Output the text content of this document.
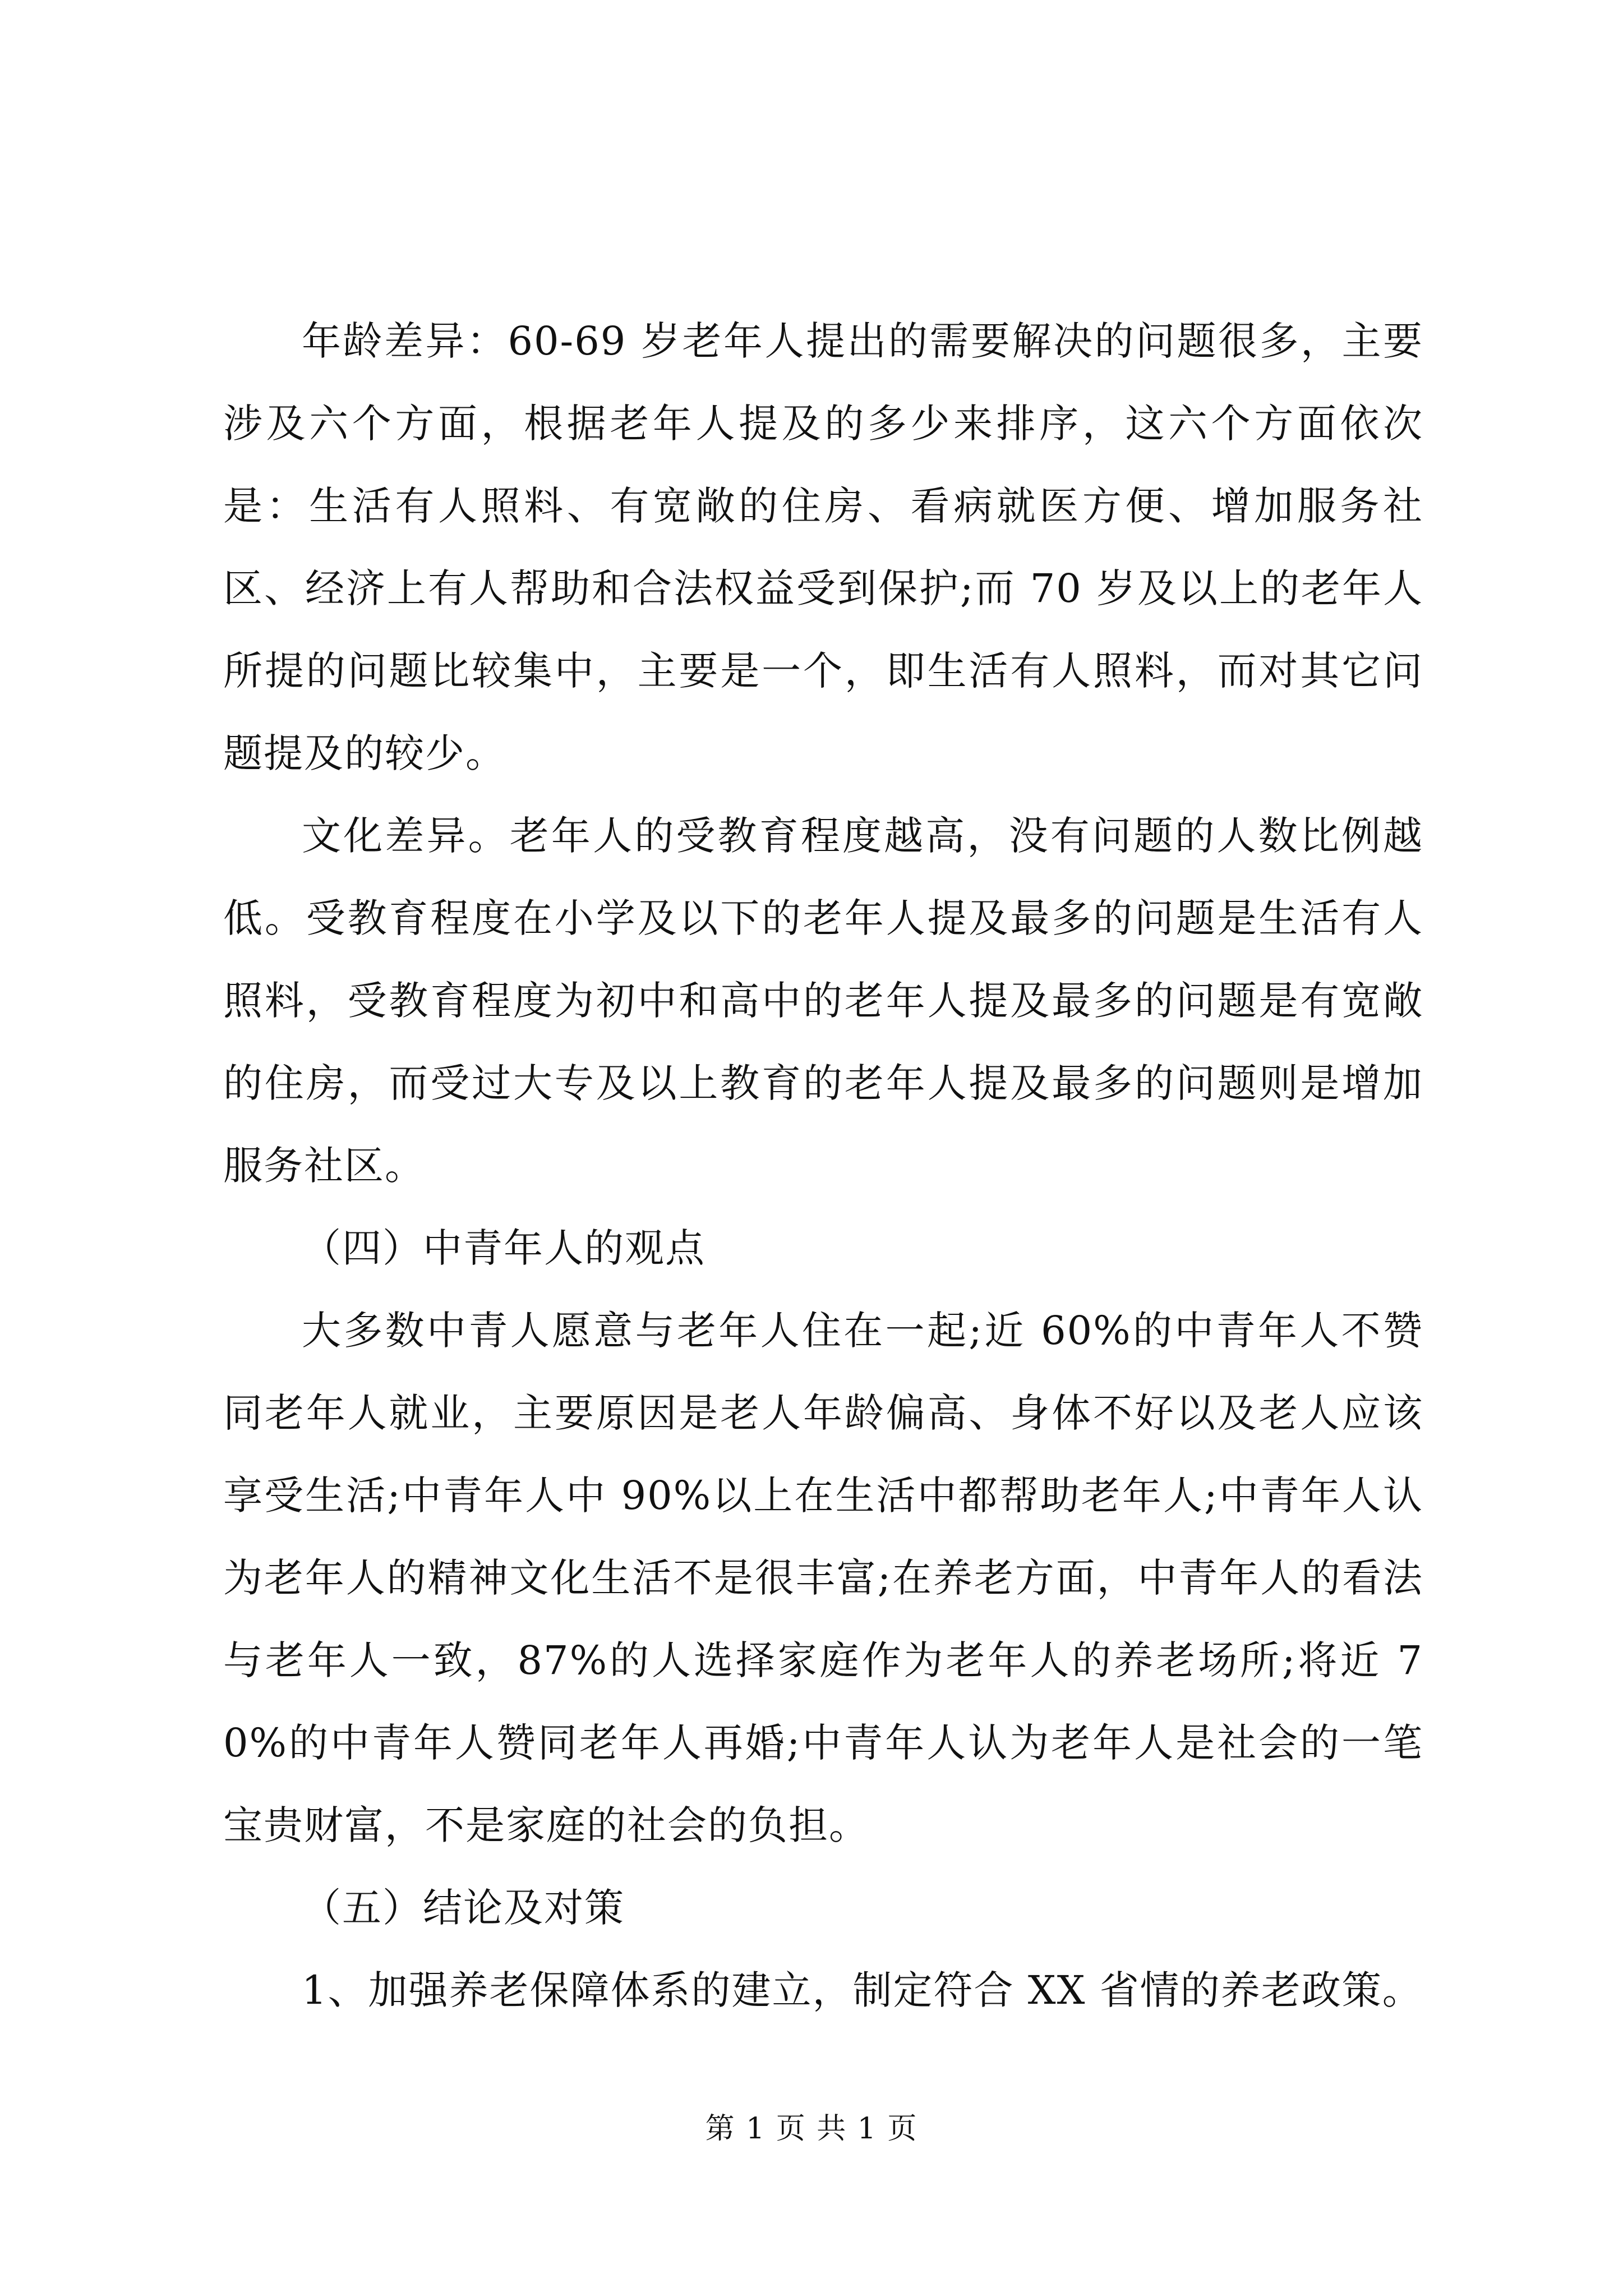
年龄差异：60-69 岁老年人提出的需要解决的问题很多，主要涉及六个方面，根据老年人提及的多少来排序，这六个方面依次是：生活有人照料、有宽敞的住房、看病就医方便、增加服务社区、经济上有人帮助和合法权益受到保护;而 70 岁及以上的老年人所提的问题比较集中，主要是一个，即生活有人照料，而对其它问题提及的较少。

文化差异。老年人的受教育程度越高，没有问题的人数比例越低。受教育程度在小学及以下的老年人提及最多的问题是生活有人照料，受教育程度为初中和高中的老年人提及最多的问题是有宽敞的住房，而受过大专及以上教育的老年人提及最多的问题则是增加服务社区。

（四）中青年人的观点

大多数中青人愿意与老年人住在一起;近 60%的中青年人不赞同老年人就业，主要原因是老人年龄偏高、身体不好以及老人应该享受生活;中青年人中 90%以上在生活中都帮助老年人;中青年人认为老年人的精神文化生活不是很丰富;在养老方面，中青年人的看法与老年人一致，87%的人选择家庭作为老年人的养老场所;将近 70%的中青年人赞同老年人再婚;中青年人认为老年人是社会的一笔宝贵财富，不是家庭的社会的负担。

（五）结论及对策

1、加强养老保障体系的建立，制定符合 XX 省情的养老政策。

第 1 页 共 1 页
